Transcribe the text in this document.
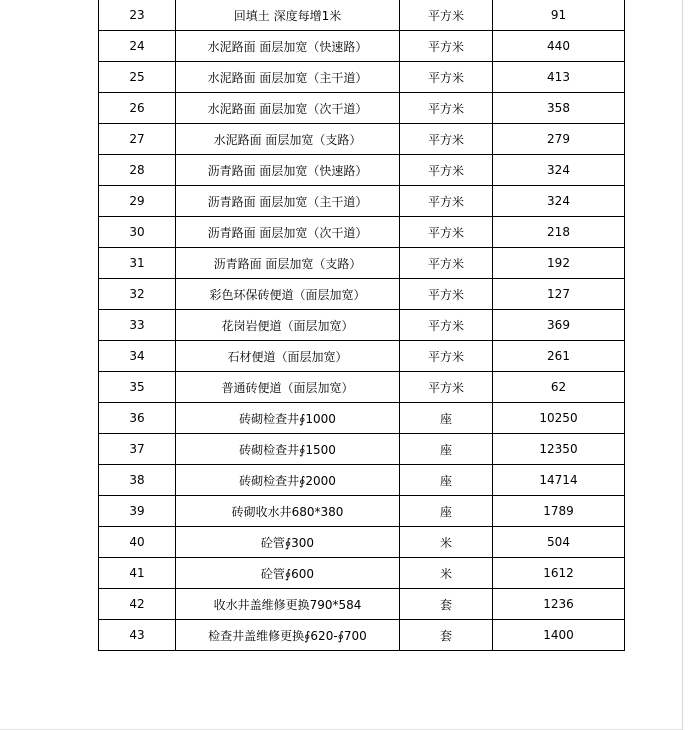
23	回填土 深度每增1米	平方米	91
24	水泥路面 面层加宽（快速路）	平方米	440
25	水泥路面 面层加宽（主干道）	平方米	413
26	水泥路面 面层加宽（次干道）	平方米	358
27	水泥路面 面层加宽（支路）	平方米	279
28	沥青路面 面层加宽（快速路）	平方米	324
29	沥青路面 面层加宽（主干道）	平方米	324
30	沥青路面 面层加宽（次干道）	平方米	218
31	沥青路面 面层加宽（支路）	平方米	192
32	彩色环保砖便道（面层加宽）	平方米	127
33	花岗岩便道（面层加宽）	平方米	369
34	石材便道（面层加宽）	平方米	261
35	普通砖便道（面层加宽）	平方米	62
36	砖砌检查井∮1000	座	10250
37	砖砌检查井∮1500	座	12350
38	砖砌检查井∮2000	座	14714
39	砖砌收水井680*380	座	1789
40	砼管∮300	米	504
41	砼管∮600	米	1612
42	收水井盖维修更换790*584	套	1236
43	检查井盖维修更换∮620-∮700	套	1400
